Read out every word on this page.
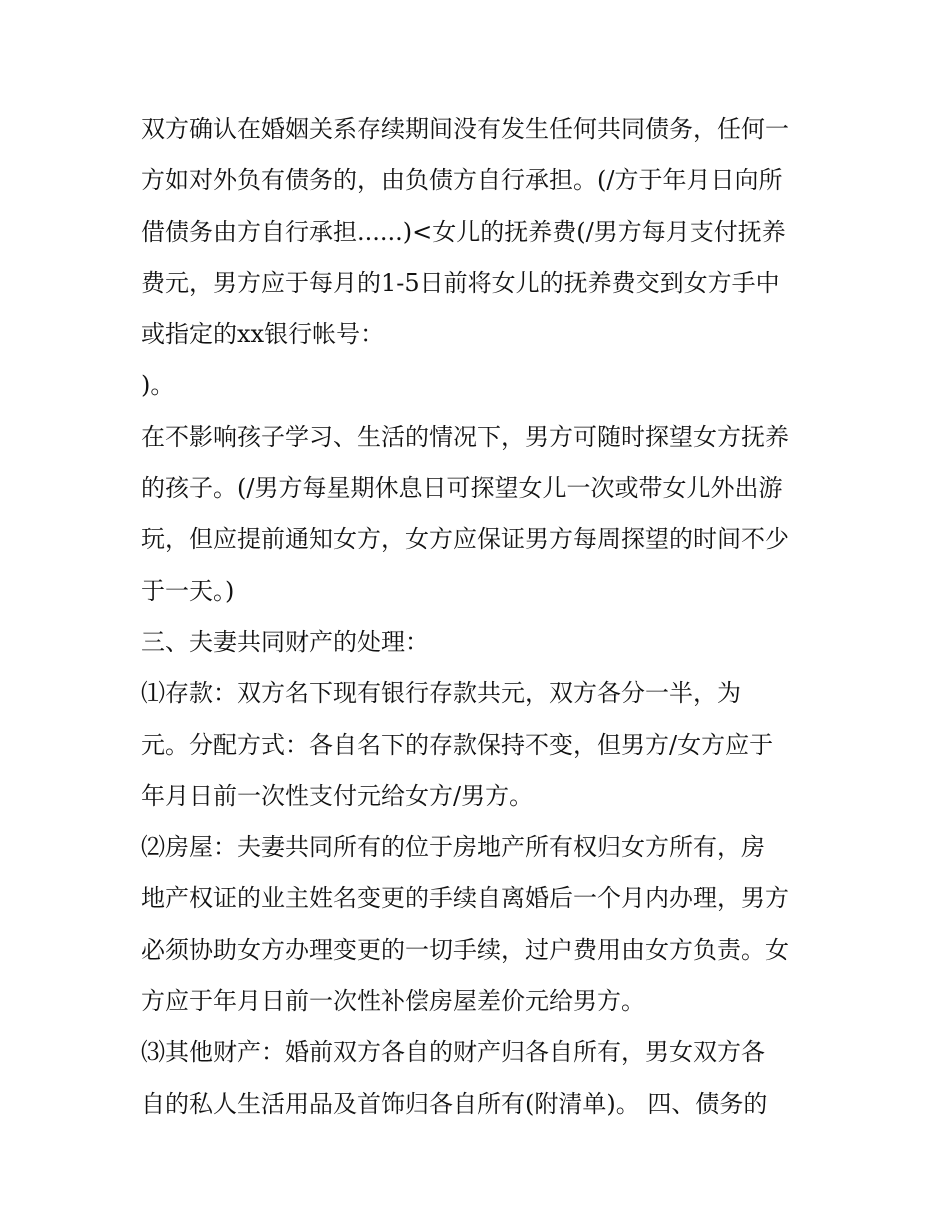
双方确认在婚姻关系存续期间没有发生任何共同债务，任何一
方如对外负有债务的，由负债方自行承担。(/方于年月日向所
借债务由方自行承担......)<女儿的抚养费(/男方每月支付抚养
费元，男方应于每月的1-5日前将女儿的抚养费交到女方手中
或指定的xx银行帐号：
)。
在不影响孩子学习、生活的情况下，男方可随时探望女方抚养
的孩子。(/男方每星期休息日可探望女儿一次或带女儿外出游
玩，但应提前通知女方，女方应保证男方每周探望的时间不少
于一天。)
三、夫妻共同财产的处理：
⑴存款：双方名下现有银行存款共元，双方各分一半，为
元。分配方式：各自名下的存款保持不变，但男方/女方应于
年月日前一次性支付元给女方/男方。
⑵房屋：夫妻共同所有的位于房地产所有权归女方所有，房
地产权证的业主姓名变更的手续自离婚后一个月内办理，男方
必须协助女方办理变更的一切手续，过户费用由女方负责。女
方应于年月日前一次性补偿房屋差价元给男方。
⑶其他财产：婚前双方各自的财产归各自所有，男女双方各
自的私人生活用品及首饰归各自所有(附清单)。 四、债务的
